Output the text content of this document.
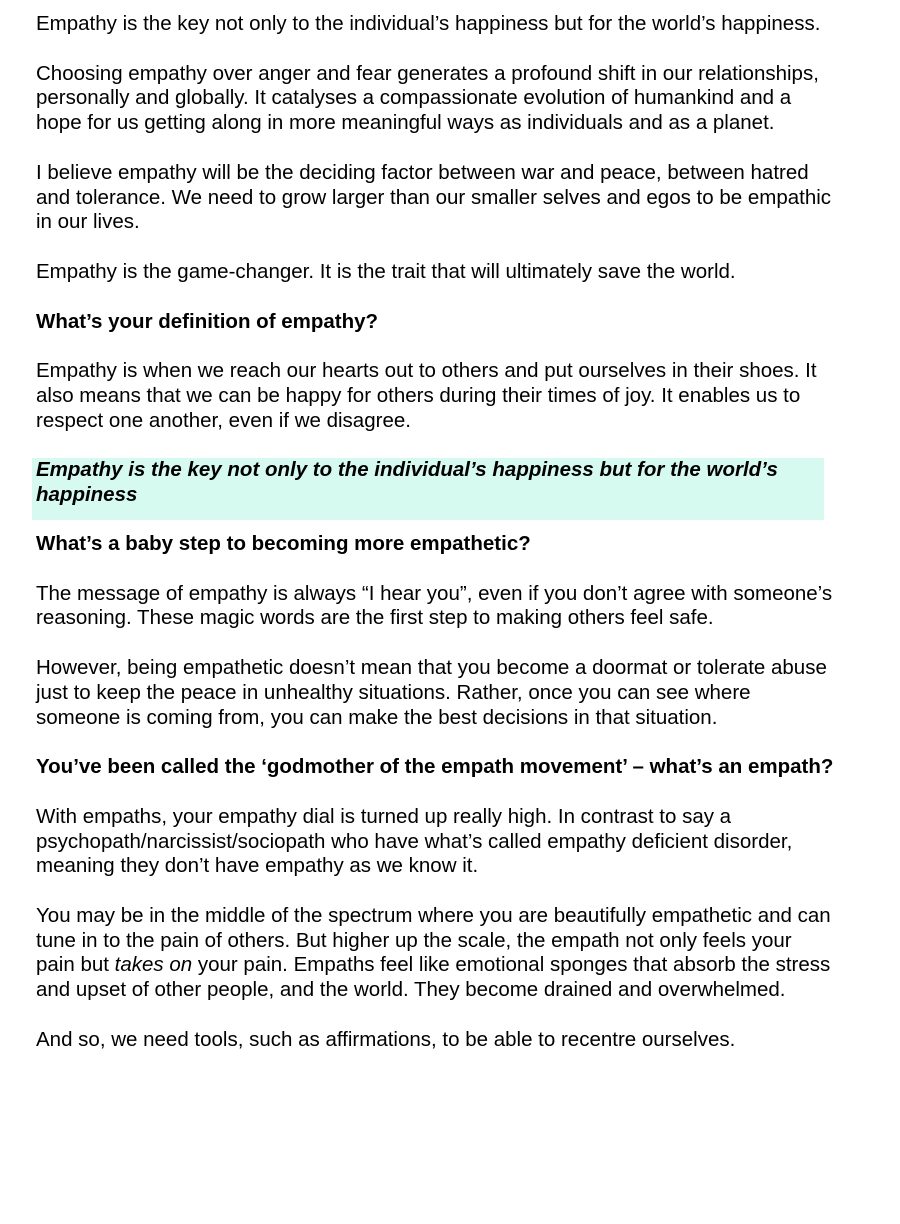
Empathy is the key not only to the individual’s happiness but for the world’s happiness.

Choosing empathy over anger and fear generates a profound shift in our relationships, personally and globally. It catalyses a compassionate evolution of humankind and a hope for us getting along in more meaningful ways as individuals and as a planet.

I believe empathy will be the deciding factor between war and peace, between hatred and tolerance. We need to grow larger than our smaller selves and egos to be empathic in our lives.

Empathy is the game-changer. It is the trait that will ultimately save the world.

What’s your definition of empathy?

Empathy is when we reach our hearts out to others and put ourselves in their shoes. It also means that we can be happy for others during their times of joy. It enables us to respect one another, even if we disagree.

Empathy is the key not only to the individual’s happiness but for the world’s happiness

What’s a baby step to becoming more empathetic?

The message of empathy is always “I hear you”, even if you don’t agree with someone’s reasoning. These magic words are the first step to making others feel safe.

However, being empathetic doesn’t mean that you become a doormat or tolerate abuse just to keep the peace in unhealthy situations. Rather, once you can see where someone is coming from, you can make the best decisions in that situation.

You’ve been called the ‘godmother of the empath movement’ – what’s an empath?

With empaths, your empathy dial is turned up really high. In contrast to say a psychopath/narcissist/sociopath who have what’s called empathy deficient disorder, meaning they don’t have empathy as we know it.

You may be in the middle of the spectrum where you are beautifully empathetic and can tune in to the pain of others. But higher up the scale, the empath not only feels your pain but takes on your pain. Empaths feel like emotional sponges that absorb the stress and upset of other people, and the world. They become drained and overwhelmed.

And so, we need tools, such as affirmations, to be able to recentre ourselves.
